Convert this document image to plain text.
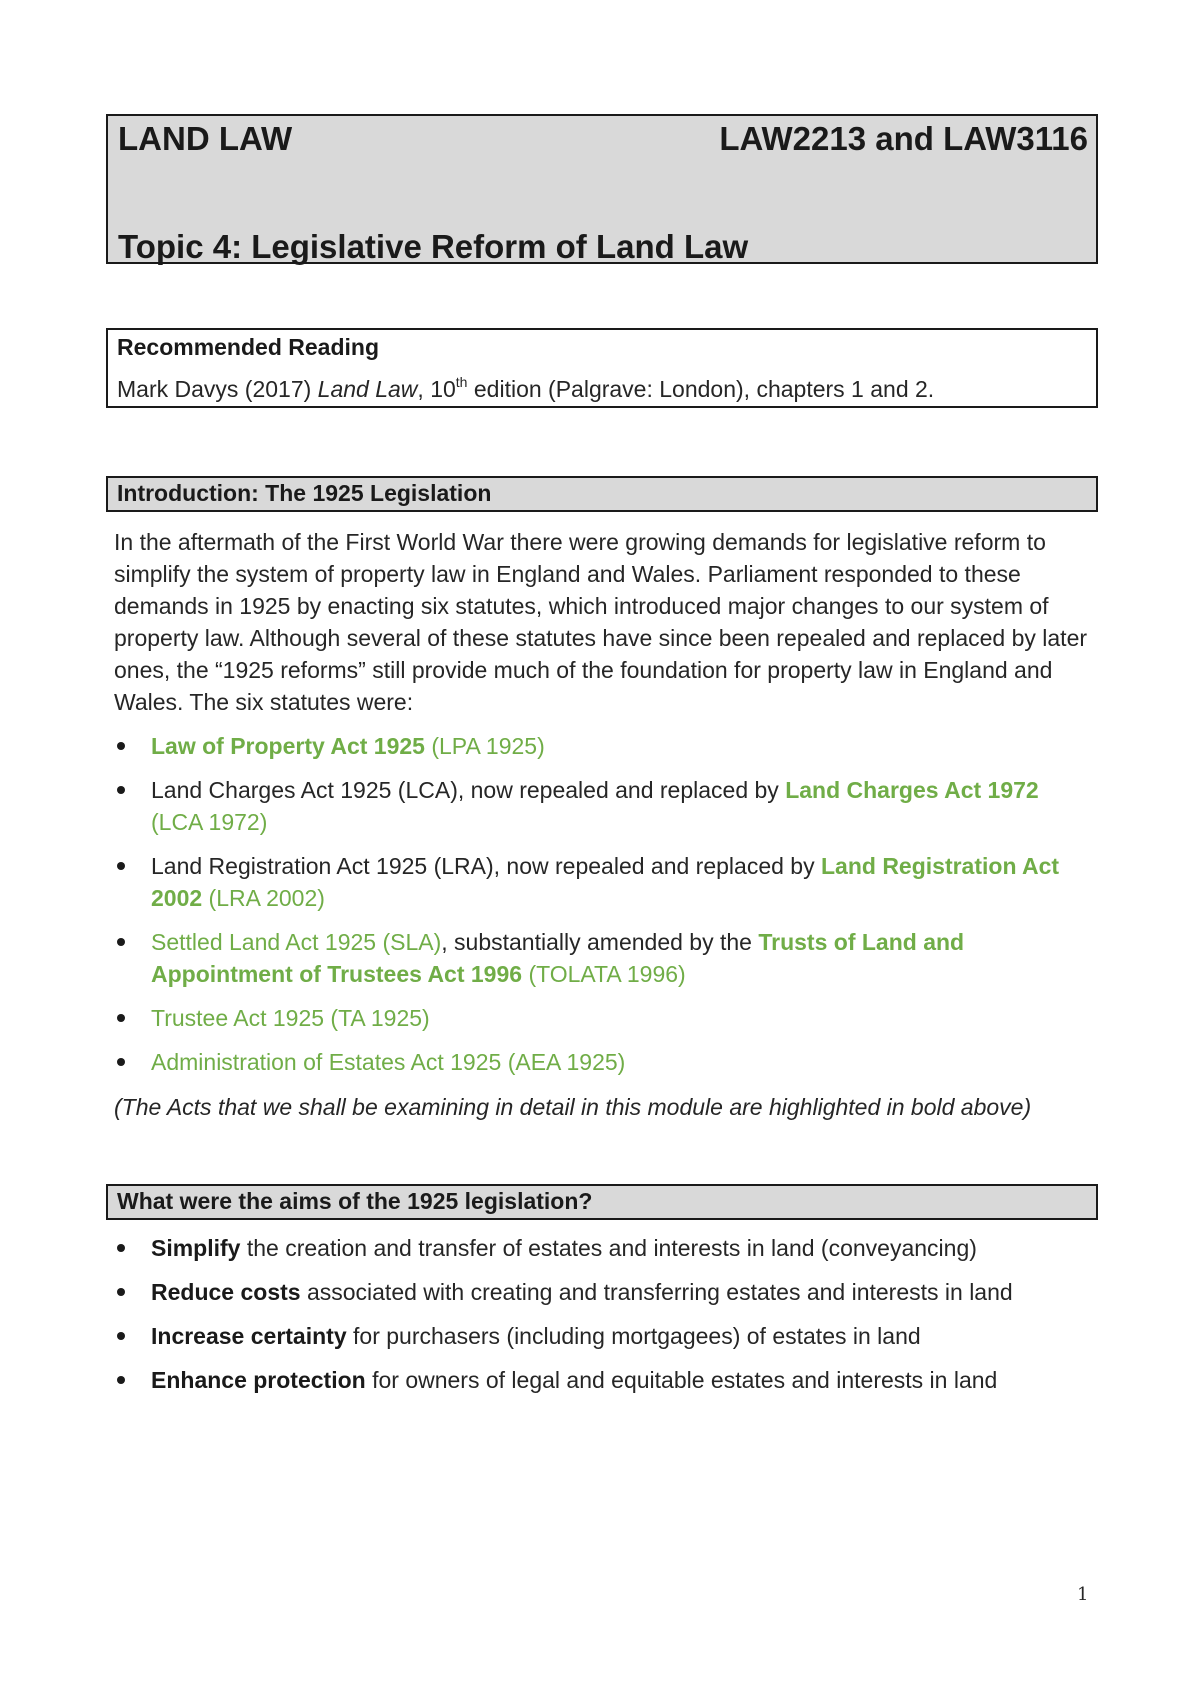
LAND LAW	LAW2213 and LAW3116
Topic 4: Legislative Reform of Land Law
Recommended Reading
Mark Davys (2017) Land Law, 10th edition (Palgrave: London), chapters 1 and 2.
Introduction: The 1925 Legislation
In the aftermath of the First World War there were growing demands for legislative reform to simplify the system of property law in England and Wales. Parliament responded to these demands in 1925 by enacting six statutes, which introduced major changes to our system of property law. Although several of these statutes have since been repealed and replaced by later ones, the “1925 reforms” still provide much of the foundation for property law in England and Wales. The six statutes were:
Law of Property Act 1925 (LPA 1925)
Land Charges Act 1925 (LCA), now repealed and replaced by Land Charges Act 1972 (LCA 1972)
Land Registration Act 1925 (LRA), now repealed and replaced by Land Registration Act 2002 (LRA 2002)
Settled Land Act 1925 (SLA), substantially amended by the Trusts of Land and Appointment of Trustees Act 1996 (TOLATA 1996)
Trustee Act 1925 (TA 1925)
Administration of Estates Act 1925 (AEA 1925)
(The Acts that we shall be examining in detail in this module are highlighted in bold above)
What were the aims of the 1925 legislation?
Simplify the creation and transfer of estates and interests in land (conveyancing)
Reduce costs associated with creating and transferring estates and interests in land
Increase certainty for purchasers (including mortgagees) of estates in land
Enhance protection for owners of legal and equitable estates and interests in land
1
